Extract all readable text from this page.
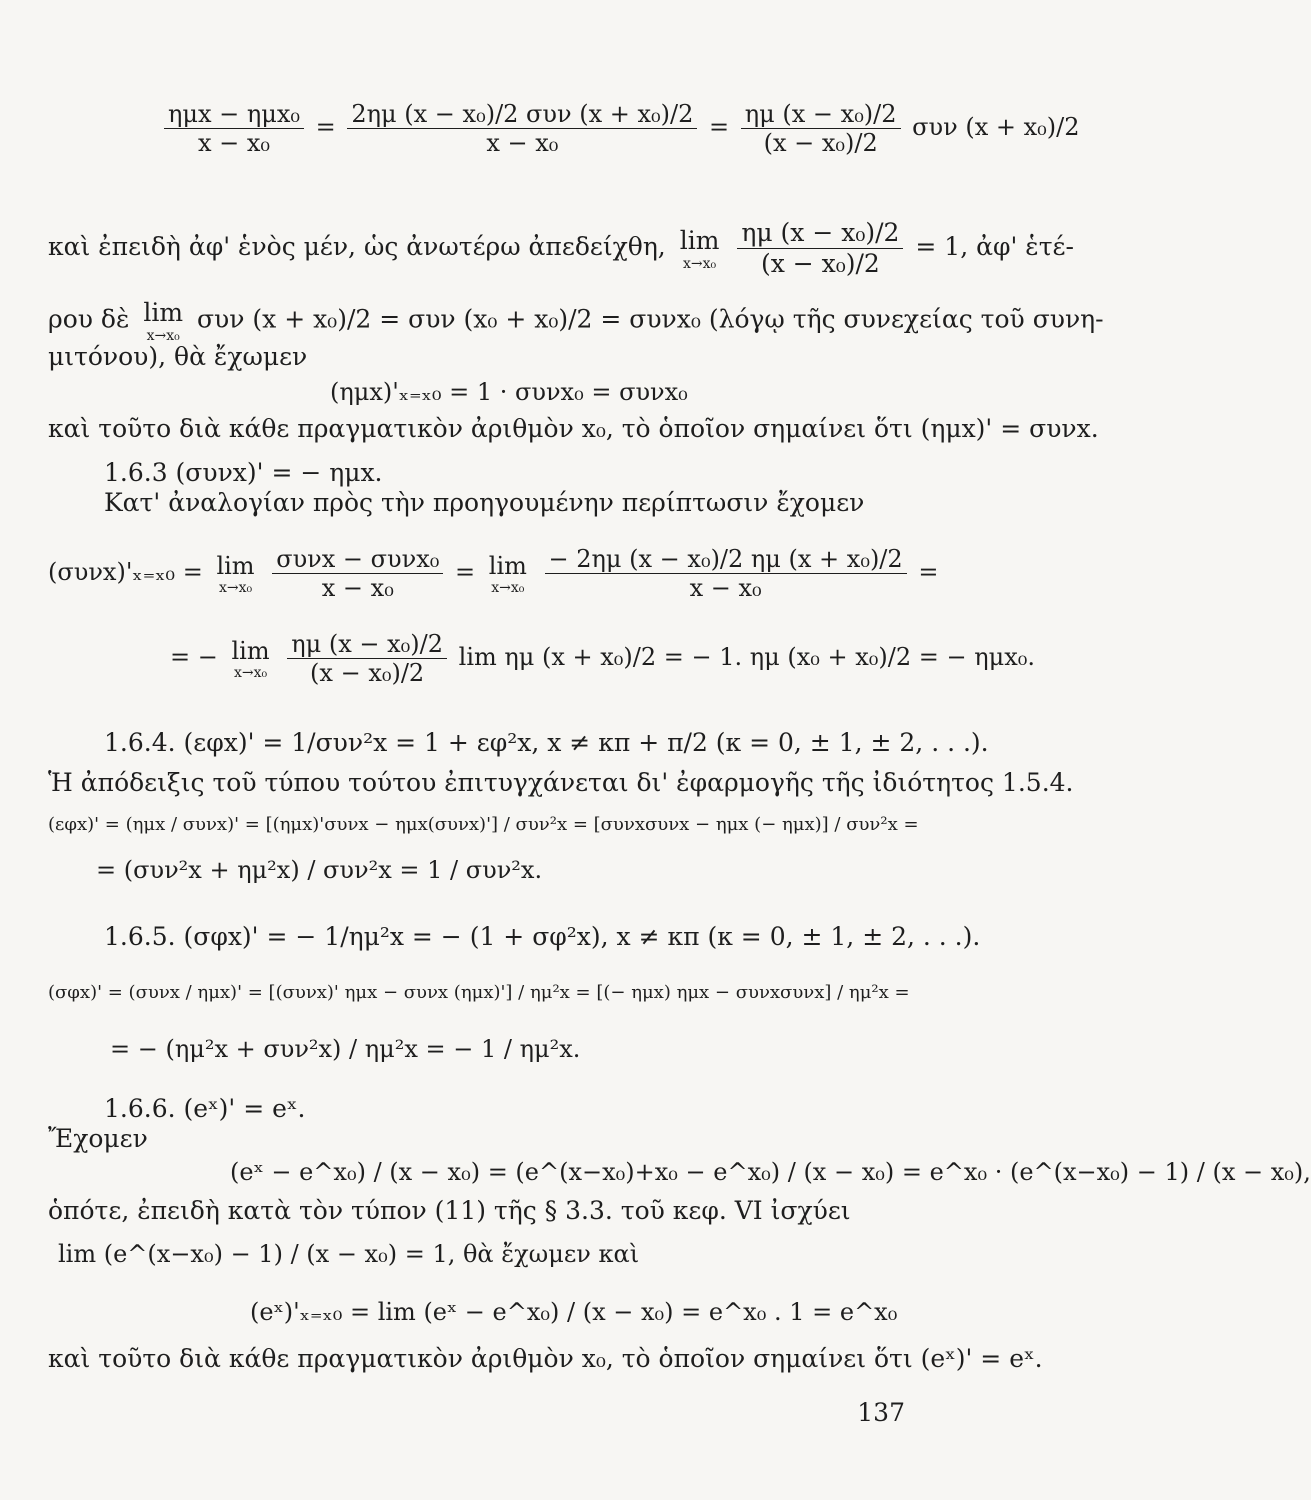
$\frac{\text{ημx − ημx₀}}{\text{x − x₀}} = \frac{\text{2ημ (x − x₀)/2 συν (x + x₀)/2}}{\text{x − x₀}} = \frac{\text{ημ (x − x₀)/2}}{\text{(x − x₀)/2}}$ συν (x + x₀)/2
καὶ ἐπειδὴ ἀφ' ἑνὸς μέν, ὡς ἀνωτέρω ἀπεδείχθη, lim
x→x₀
$\frac{\text{ημ (x − x₀)/2}}{\text{(x − x₀)/2}} = 1$, ἀφ' ἑτέ-
ρου δὲ lim
x→x₀
συν (x + x₀)/2 = συν (x₀ + x₀)/2 = συνx₀ (λόγῳ τῆς συνεχείας τοῦ συνη-
μιτόνου), θὰ ἔχωμεν
(ημx)'ₓ₌ₓ₀ = 1 · συνx₀ = συνx₀
καὶ τοῦτο διὰ κάθε πραγματικὸν ἀριθμὸν x₀, τὸ ὁποῖον σημαίνει ὅτι (ημx)' = συνx.
1.6.3 (συνx)' = − ημx.
Κατ' ἀναλογίαν πρὸς τὴν προηγουμένην περίπτωσιν ἔχομεν
(συνx)'ₓ₌ₓ₀ = lim
x→x₀
$\frac{\text{συνx − συνx₀}}{\text{x − x₀}} = \lim$
x→x₀
$\frac{\text{− 2ημ (x − x₀)/2 ημ (x + x₀)/2}}{\text{x − x₀}}$ =
= − lim
x→x₀
$\frac{\text{ημ (x − x₀)/2}}{\text{(x − x₀)/2}}$ lim ημ (x + x₀)/2 = − 1. ημ (x₀ + x₀)/2 = − ημx₀.
1.6.4. (εφx)' = 1/συν²x = 1 + εφ²x, x ≠ κπ + π/2 (κ = 0, ± 1, ± 2, . . .).
Ἡ ἀπόδειξις τοῦ τύπου τούτου ἐπιτυγχάνεται δι' ἐφαρμογῆς τῆς ἰδιότητος 1.5.4.
(εφx)' = (ημx / συνx)' = [(ημx)'συνx − ημx(συνx)'] / συν²x = [συνxσυνx − ημx (− ημx)] / συν²x =
= (συν²x + ημ²x) / συν²x = 1 / συν²x.
1.6.5. (σφx)' = − 1/ημ²x = − (1 + σφ²x), x ≠ κπ (κ = 0, ± 1, ± 2, . . .).
(σφx)' = (συνx / ημx)' = [(συνx)' ημx − συνx (ημx)'] / ημ²x = [(− ημx) ημx − συνxσυνx] / ημ²x =
= − (ημ²x + συν²x) / ημ²x = − 1 / ημ²x.
1.6.6. (eˣ)' = eˣ.
Ἔχομεν
(eˣ − e^x₀) / (x − x₀) = (e^(x−x₀)+x₀ − e^x₀) / (x − x₀) = e^x₀ · (e^(x−x₀) − 1) / (x − x₀),
ὁπότε, ἐπειδὴ κατὰ τὸν τύπον (11) τῆς § 3.3. τοῦ κεφ. VI ἰσχύει
lim (e^(x−x₀) − 1) / (x − x₀) = 1, θὰ ἔχωμεν καὶ
(eˣ)'ₓ₌ₓ₀ = lim (eˣ − e^x₀) / (x − x₀) = e^x₀ . 1 = e^x₀
καὶ τοῦτο διὰ κάθε πραγματικὸν ἀριθμὸν x₀, τὸ ὁποῖον σημαίνει ὅτι (eˣ)' = eˣ.
137
